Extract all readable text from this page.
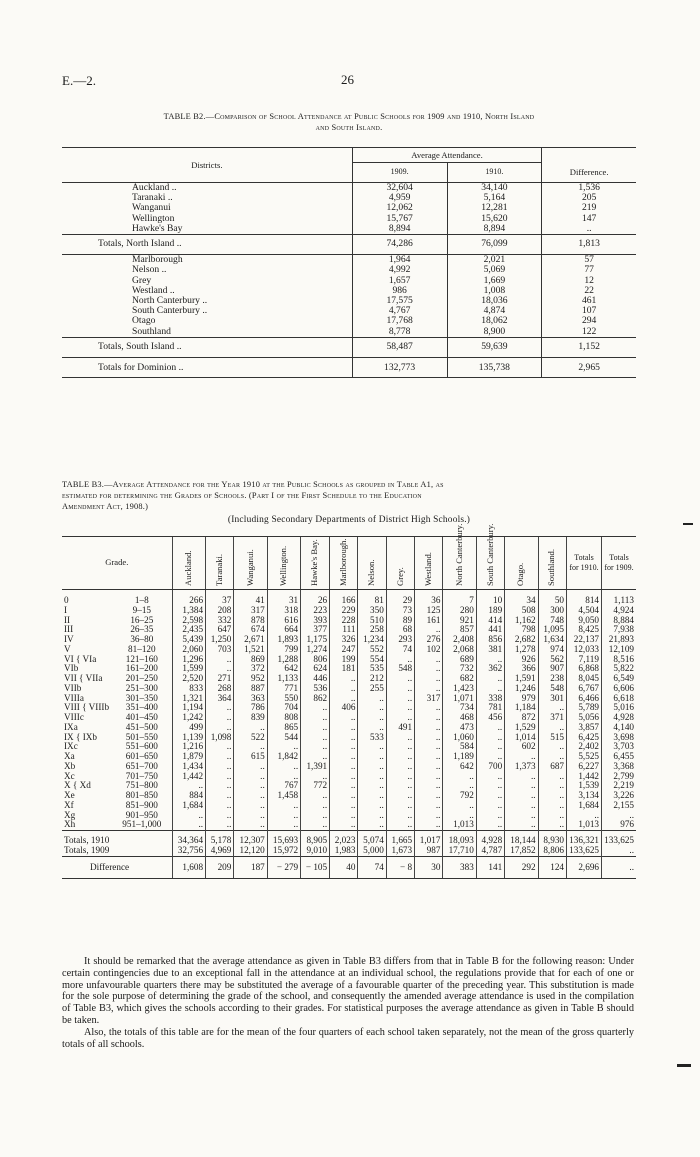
E.—2.	26
TABLE B2.—Comparison of School Attendance at Public Schools for 1909 and 1910, North Island
and South Island.
Districts.	Average Attendance.		
	1909.	1910.	Difference.
Auckland ..	32,604	34,140	1,536
Taranaki ..	4,959	5,164	205
Wanganui	12,062	12,281	219
Wellington	15,767	15,620	147
Hawke's Bay	8,894	8,894	..

Totals, North Island ..	74,286	76,099	1,813

Marlborough	1,964	2,021	57
Nelson ..	4,992	5,069	77
Grey	1,657	1,669	12
Westland ..	986	1,008	22
North Canterbury ..	17,575	18,036	461
South Canterbury ..	4,767	4,874	107
Otago	17,768	18,062	294
Southland	8,778	8,900	122

Totals, South Island ..	58,487	59,639	1,152

Totals for Dominion ..	132,773	135,738	2,965
TABLE B3.—Average Attendance for the Year 1910 at the Public Schools as grouped in Table A1, as
estimated for determining the Grades of Schools. (Part I of the First Schedule to the Education
Amendment Act, 1908.)
(Including Secondary Departments of District High Schools.)
Grade.		Auckland.	Taranaki.	Wanganui.	Wellington.	Hawke's Bay.	Marlborough.	Nelson.	Grey.	Westland.	North Canterbury.	South Canterbury.	Otago.	Southland.	Totals for 1910.	Totals for 1909.
0	1–8	266	37	41	31	26	166	81	29	36	7	10	34	50	814	1,113
I	9–15	1,384	208	317	318	223	229	350	73	125	280	189	508	300	4,504	4,924
II	16–25	2,598	332	878	616	393	228	510	89	161	921	414	1,162	748	9,050	8,884
III	26–35	2,435	647	674	664	377	111	258	68	..	857	441	798	1,095	8,425	7,938
IV	36–80	5,439	1,250	2,671	1,893	1,175	326	1,234	293	276	2,408	856	2,682	1,634	22,137	21,893
V	81–120	2,060	703	1,521	799	1,274	247	552	74	102	2,068	381	1,278	974	12,033	12,109
VI { VIa	121–160	1,296	..	869	1,288	806	199	554	..	..	689	..	926	562	7,119	8,516
VIb	161–200	1,599	..	372	642	624	181	535	548	..	732	362	366	907	6,868	5,822
VII { VIIa	201–250	2,520	271	952	1,133	446	..	212	..	..	682	..	1,591	238	8,045	6,549
VIIb	251–300	833	268	887	771	536	..	255	..	..	1,423	..	1,246	548	6,767	6,606
VIIIa	301–350	1,321	364	363	550	862	..	..	..	317	1,071	338	979	301	6,466	6,618
VIII { VIIIb	351–400	1,194	..	786	704	..	406	..	..	..	734	781	1,184	..	5,789	5,016
VIIIc	401–450	1,242	..	839	808	..	..	..	..	..	468	456	872	371	5,056	4,928
IXa	451–500	499	..	..	865	..	..	..	491	..	473	..	1,529	..	3,857	4,140
IX { IXb	501–550	1,139	1,098	522	544	..	..	533	..	..	1,060	..	1,014	515	6,425	3,698
IXc	551–600	1,216	..	..	..	..	..	..	..	..	584	..	602	..	2,402	3,703
Xa	601–650	1,879	..	615	1,842	..	..	..	..	..	1,189	..	..	..	5,525	6,455
Xb	651–700	1,434	..	..	..	1,391	..	..	..	..	642	700	1,373	687	6,227	3,368
Xc	701–750	1,442	..	..	..	..	..	..	..	..	..	..	..	..	1,442	2,799
X { Xd	751–800	..	..	..	767	772	..	..	..	..	..	..	..	..	1,539	2,219
Xe	801–850	884	..	..	1,458	..	..	..	..	..	792	..	..	..	3,134	3,226
Xf	851–900	1,684	..	..	..	..	..	..	..	..	..	..	..	..	1,684	2,155
Xg	901–950	..	..	..	..	..	..	..	..	..	..	..	..	..	..	..
Xh	951–1,000	..	..	..	..	..	..	..	..	..	1,013	..	..	..	1,013	976
Totals, 1910		34,364	5,178	12,307	15,693	8,905	2,023	5,074	1,665	1,017	18,093	4,928	18,144	8,930	136,321	133,625
Totals, 1909		32,756	4,969	12,120	15,972	9,010	1,983	5,000	1,673	987	17,710	4,787	17,852	8,806	133,625	..
Difference		1,608	209	187	− 279	− 105	40	74	− 8	30	383	141	292	124	2,696	..

It should be remarked that the average attendance as given in Table B3 differs from that in Table B for the following reason: Under certain contingencies due to an exceptional fall in the attendance at an individual school, the regulations provide that for each of one or more unfavourable quarters there may be substituted the average of a favourable quarter of the preceding year. This substitution is made for the sole purpose of determining the grade of the school, and consequently the amended average attendance is used in the compilation of Table B3, which gives the schools according to their grades. For statistical purposes the average attendance as given in Table B should be taken.

Also, the totals of this table are for the mean of the four quarters of each school taken separately, not the mean of the gross quarterly totals of all schools.
